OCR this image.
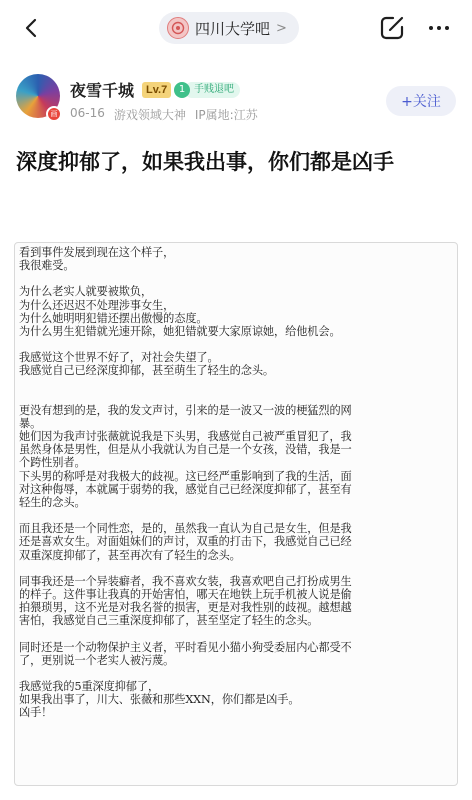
四川大学吧 >
画
夜雪千城	Lv.7	1 手贱退吧
06-16 游戏领域大神 IP属地:江苏
+关注
深度抑郁了，如果我出事，你们都是凶手
看到事件发展到现在这个样子，
我很难受。
为什么老实人就要被欺负，
为什么还迟迟不处理涉事女生，
为什么她明明犯错还摆出傲慢的态度。
为什么男生犯错就光速开除，她犯错就要大家原谅她，给他机会。
我感觉这个世界不好了，对社会失望了。
我感觉自己已经深度抑郁，甚至萌生了轻生的念头。
更没有想到的是，我的发文声讨，引来的是一波又一波的梗猛烈的网
暴。
她们因为我声讨张薇就说我是下头男，我感觉自己被严重冒犯了，我
虽然身体是男性，但是从小我就认为自己是一个女孩，没错，我是一
个跨性别者。
下头男的称呼是对我极大的歧视。这已经严重影响到了我的生活，面
对这种侮辱，本就属于弱势的我，感觉自己已经深度抑郁了，甚至有
轻生的念头。
而且我还是一个同性恋，是的，虽然我一直认为自己是女生，但是我
还是喜欢女生。对面姐妹们的声讨，双重的打击下，我感觉自己已经
双重深度抑郁了，甚至再次有了轻生的念头。
同事我还是一个异装癖者，我不喜欢女装，我喜欢吧自己打扮成男生
的样子。这件事让我真的开始害怕，哪天在地铁上玩手机被人说是偷
拍猥琐男，这不光是对我名誉的损害，更是对我性别的歧视。越想越
害怕，我感觉自己三重深度抑郁了，甚至坚定了轻生的念头。
同时还是一个动物保护主义者，平时看见小猫小狗受委屈内心都受不
了，更别说一个老实人被污蔑。
我感觉我的5重深度抑郁了，
如果我出事了，川大、张薇和那些XXN，你们都是凶手。
凶手！
